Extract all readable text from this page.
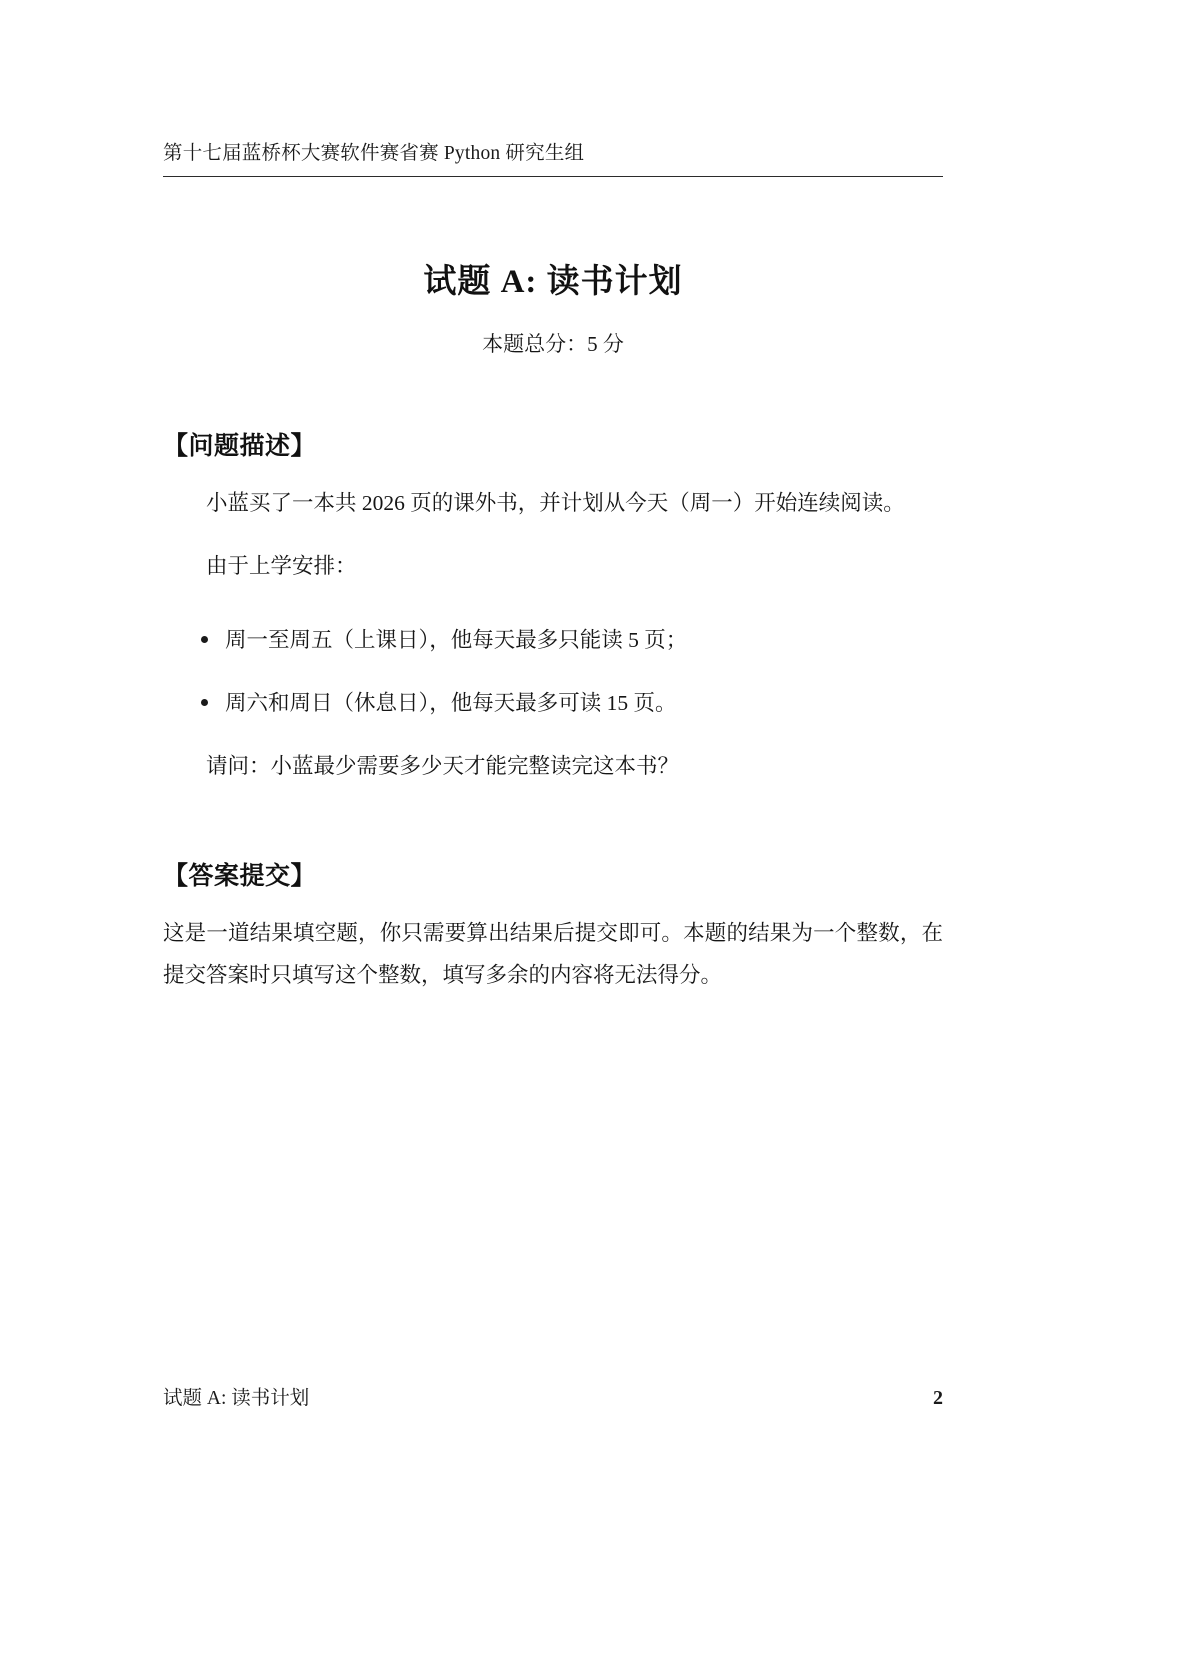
第十七届蓝桥杯大赛软件赛省赛 Python 研究生组
试题 A: 读书计划
本题总分：5 分
【问题描述】

小蓝买了一本共 2026 页的课外书，并计划从今天（周一）开始连续阅读。

由于上学安排：

周一至周五（上课日），他每天最多只能读 5 页；
周六和周日（休息日），他每天最多可读 15 页。

请问：小蓝最少需要多少天才能完整读完这本书？

【答案提交】

这是一道结果填空题，你只需要算出结果后提交即可。本题的结果为一个整数，在提交答案时只填写这个整数，填写多余的内容将无法得分。

试题 A: 读书计划	2
